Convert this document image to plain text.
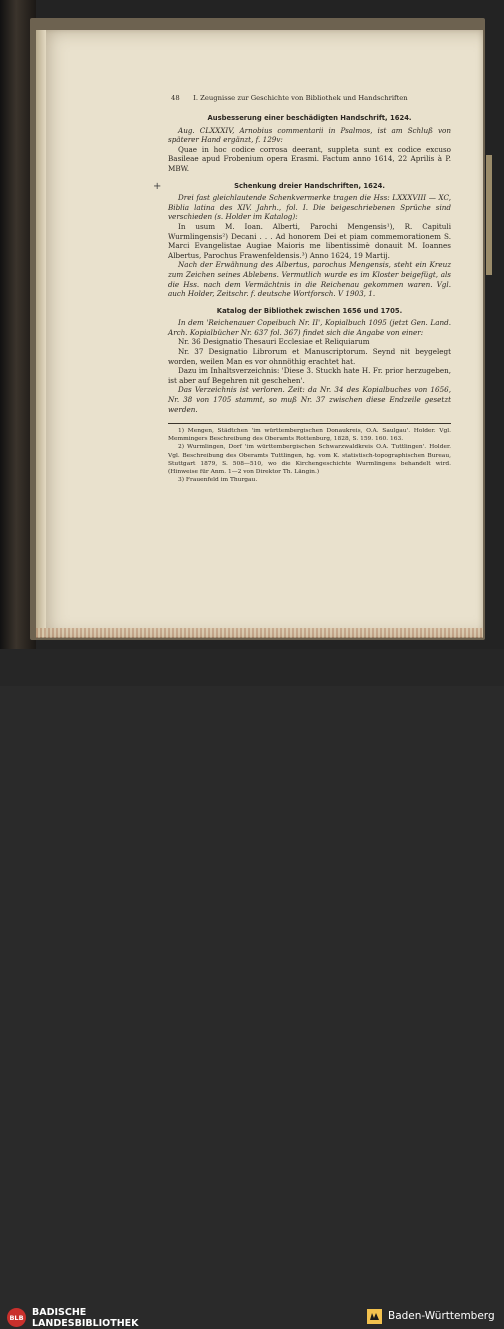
48 I. Zeugnisse zur Geschichte von Bibliothek und Handschriften
+

Ausbesserung einer beschädigten Handschrift, 1624.

Aug. CLXXXIV, Arnobius commentarii in Psalmos, ist am Schluß von späterer Hand ergänzt, f. 129v:

Quae in hoc codice corrosa deerant, suppleta sunt ex codice excuso Basileae apud Frobenium opera Erasmi. Factum anno 1614, 22 Aprilis à P. MBW.

Schenkung dreier Handschriften, 1624.

Drei fast gleichlautende Schenkvermerke tragen die Hss: LXXXVIII — XC, Biblia latina des XIV. Jahrh., fol. I. Die beigeschriebenen Sprüche sind verschieden (s. Holder im Katalog):

In usum M. Ioan. Alberti, Parochi Mengensis¹), R. Capituli Wurmlingensis²) Decani . . . Ad honorem Dei et piam commemorationem S. Marci Evangelistae Augiae Maioris me libentissimè donauit M. Ioannes Albertus, Parochus Frawenfeldensis.³) Anno 1624, 19 Martij.

Nach der Erwähnung des Albertus, parochus Mengensis, steht ein Kreuz zum Zeichen seines Ablebens. Vermutlich wurde es im Kloster beigefügt, als die Hss. nach dem Vermächtnis in die Reichenau gekommen waren. Vgl. auch Holder, Zeitschr. f. deutsche Wortforsch. V 1903, 1.

Katalog der Bibliothek zwischen 1656 und 1705.

In dem 'Reichenauer Copeibuch Nr. II', Kopialbuch 1095 (jetzt Gen. Land. Arch. Kopialbücher Nr. 637 fol. 367) findet sich die Angabe von einer:

Nr. 36 Designatio Thesauri Ecclesiae et Reliquiarum

Nr. 37 Designatio Librorum et Manuscriptorum. Seynd nit beygelegt worden, weilen Man es vor ohnnöthig erachtet hat.

Dazu im Inhaltsverzeichnis: 'Diese 3. Stuckh hate H. Fr. prior herzugeben, ist aber auf Begehren nit geschehen'.

Das Verzeichnis ist verloren. Zeit: da Nr. 34 des Kopialbuches von 1656, Nr. 38 von 1705 stammt, so muß Nr. 37 zwischen diese Endzeile gesetzt werden.

1) Mengen, Städtchen 'im württembergischen Donaukreis, O.A. Saulgau'. Holder. Vgl. Memmingers Beschreibung des Oberamts Rottenburg, 1828, S. 159. 160. 163.

2) Wurmlingen, Dorf 'im württembergischen Schwarzwaldkreis O.A. Tuttlingen'. Holder. Vgl. Beschreibung des Oberamts Tuttlingen, hg. vom K. statistisch-topographischen Bureau, Stuttgart 1879, S. 508—510, wo die Kirchengeschichte Wurmlingens behandelt wird. (Hinweise für Anm. 1—2 von Direktor Th. Längin.)

3) Frauenfeld im Thurgau.

BLB BADISCHE
LANDESBIBLIOTHEK
Baden-Württemberg
